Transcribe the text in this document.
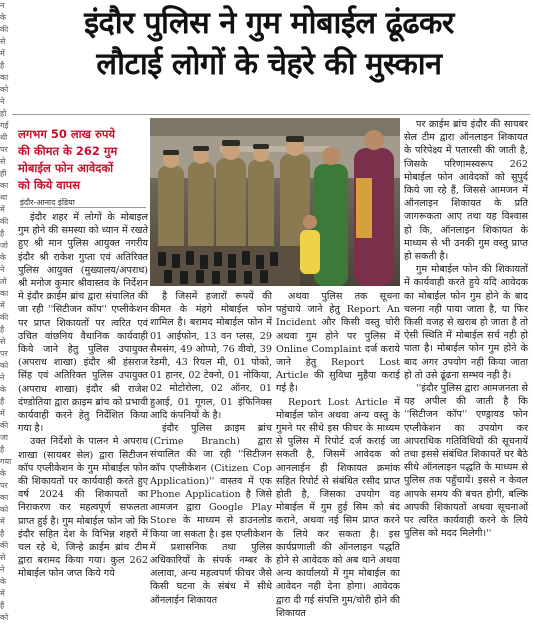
न
के
की
से
में
है
का
को
ने
हो
गई
थी
पर
से
ही
का
था
में
की
है
जो
के
ने
तो
का
में
की
है
से
पर
को
ने
के
हैं
में
की
जा
है
गया
के
पर
का
को
में
है
की
से
ने
के
में
हैं
को
इंदौर पुलिस ने गुम मोबाईल ढूंढकर
लौटाई लोगों के चेहरे की मुस्कान
लगभग 50 लाख रुपये
की कीमत के 262 गुम
मोबाईल फोन आवेदकों
को किये वापस
इंदौर-आनाद इंडिया

इंदौर शहर में लोगों के मोबाइल गुम होने की समस्या को ध्यान में रखते हुए श्री मान पुलिस आयुक्त नगरीय इंदौर श्री राकेश गुप्ता एवं अतिरिक्त पुलिस आयुक्त (मुख्यालय/अपराध) श्री मनोज कुमार श्रीवास्तव के निर्देशन मे इंदौर क्राईम ब्रांच द्वारा संचालित की जा रही ''सिटीजन कॉप'' एप्लीकेशन पर प्राप्त शिकायतों पर त्वरित एवं उचित वांछनिय वैधानिक कार्यवाही किये जाने हेतु पुलिस उपायुक्त (अपराध शाखा) इंदौर श्री हंसराज सिंह एवं अतिरिक्त पुलिस उपायुक्त (अपराध शाखा) इंदौर श्री राजेश दंण्डोतिया द्वारा क्राइम ब्रांच को प्रभावी कार्यवाही करने हेतु निर्देशित किया गया है।

उक्त निर्देशो के पालन मे अपराध शाखा (सायबर सेल) द्वारा सिटीजन कॉप एप्लीकेशन के गुम मोबाईल फोन की शिकायतों पर कार्यवाही करते हुए वर्ष 2024 की शिकायतों का निराकरण कर महत्वपूर्ण सफलता प्राप्त हुई है। गुम मोबाईल फोन जो कि इंदौर सहित देश के विभिन्न शहरों में चल रहे थे, जिन्हे क्राईम ब्रांच टीम द्वारा बरामद किया गया। कुल 262 मोबाईल फोन जप्त किये गये

है जिसमें हजारों रूपयें की कीमत के मंहगे मोबाईल फोन शामिल है। बरामद मोबाईल फोन में 01 आईफोन, 13 वन प्लस, 29 सैमसंग, 49 ओप्पो, 76 वीवो, 39 रेडमी, 43 रियल मी, 01 पोको, 01 हानर, 02 टेक्नो, 01 नोकिया, 02 मोटोरोला, 02 ऑनर, 01 हुआई, 01 गूगल, 01 इंफिनिक्स आदि कंपनियों के है।

इंदौर पुलिस क्राइम ब्रांच (Crime Branch) द्वारा संचालित की जा रही ''सिटीजन कॉप एप्लीकेशन (Citizen Cop Application)'' वास्तव में एक Phone Application है जिसे आमजन द्वारा Google Play Store के माध्यम से डाउनलोड किया जा सकता है। इस एप्लीकेशन में प्रशासनिक तथा पुलिस अधिकारियों के संपर्क नम्बर के अलावा, अन्य महत्वपर्ण फीचर जैसे किसी घटना के संबंध में सीधे ऑनलाईन शिकायत

अथवा पुलिस तक सूचना पहुंचाये जाने हेतु Report An Incident और किसी वस्तु चोरी अथवा गुम होने पर पुलिस में Online Complaint दर्ज कराये जाने हेतु Report Lost Article की सुविधा मुहैया कराई गई है।

Report Lost Article में मोबाईल फोन अथवा अन्य वस्तु के गुमने पर सीधे इस फीचर के माध्यम से पुलिस में रिपोर्ट दर्ज कराई जा सकती है, जिसमें आवेदक को आनलाईन ही शिकायत क्रमांक सहित रिपोर्ट से संबंधित रसीद प्राप्त होती है, जिसका उपयोग वह मोबाईल में गुम हुई सिम को बंद कराने, अथवा नई सिम प्राप्त करने के लिये कर सकता है। इस कार्यप्रणाली की ऑनलाइन पद्धति होने से आवेदक को अब थाने अथवा अन्य कार्यालयों में गुम मोबाईल का आवेदन नही देना होगा। आवेदक द्वारा दी गई संपत्ति गुम/चोरी होने की शिकायत

पर क्राईम ब्रांच इंदौर की सायबर सेल टीम द्वारा ऑनलाइन शिकायत के परिपेक्ष्य में पतारसी की जाती है, जिसके परिणामस्वरूप 262 मोबाईल फोन आवेदकों को सुपुर्द किये जा रहे हैं, जिससे आमजन में ऑनलाइन शिकायत के प्रति जागरूकता आए तथा यह विश्वास हो कि, ऑनलाइन शिकायत के माध्यम से भी उनकी गुम वस्तु प्राप्त हो सकती है।

गुम मोबाईल फोन की शिकायतों में कार्यवाही करते हुये यदि आवेदक का मोबाईल फोन गुम होने के बाद चलना नही पाया जाता है, या फिर किसी वजह से खराब हो जाता है तो ऐसी स्थिति में मोबाईल सर्च नही हो पाता है। मोबाईल फोन गुम होने के बाद अगर उपयोग नही किया जाता हो तो उसे ढूंढना सम्भव नही है।

''इंदौर पुलिस द्वारा आमजनता से यह अपील की जाती है कि ''सिटीजन कॉप'' एण्ड्रायड फोन एप्लीकेशन का उपयोग कर आपराधिक गतिविधियों की सूचनायें तथा इससे संबंधित शिकायतें घर बैठे सीधे ऑनलाइन पद्धति के माध्यम से पुलिस तक पहुँचायें। इससे न केवल आपके समय की बचत होगी, बल्कि आपकी शिकायतों अथवा सूचनाओं पर त्वरित कार्यवाही करने के लिये पुलिस को मदद मिलेगी।''
